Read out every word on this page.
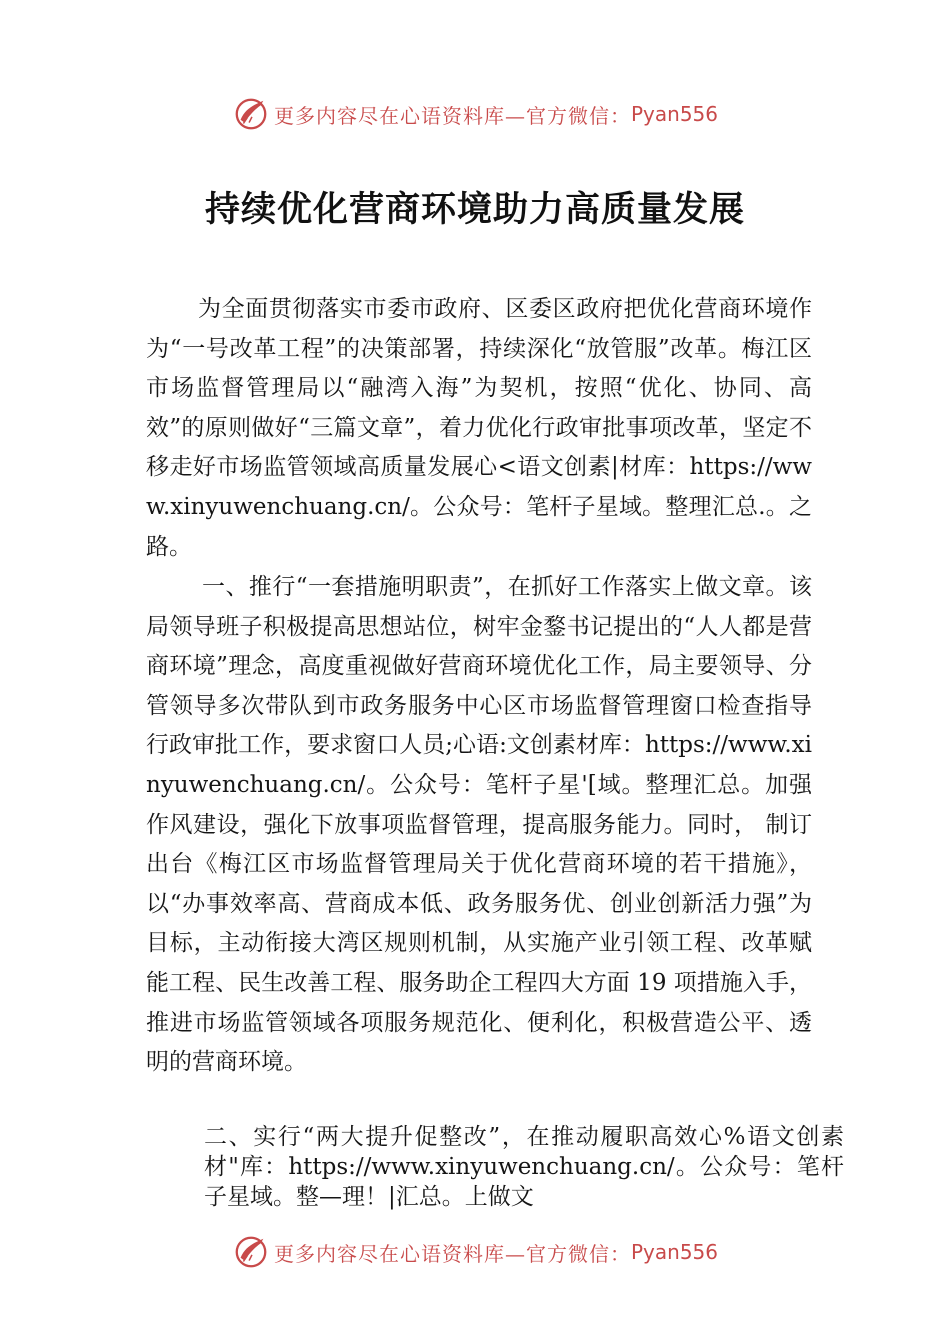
更多内容尽在心语资料库—官方微信： Pyan556
持续优化营商环境助力高质量发展

为全面贯彻落实市委市政府、区委区政府把优化营商环境作为“一号改革工程”的决策部署，持续深化“放管服”改革。梅江区市场监督管理局以“融湾入海”为契机，按照“优化、协同、高效”的原则做好“三篇文章”，着力优化行政审批事项改革，坚定不移走好市场监管领域高质量发展心<语文创素|材库：https://www.xinyuwenchuang.cn/。公众号：笔杆子星域。整理汇总.。之路。

一、推行“一套措施明职责”，在抓好工作落实上做文章。该局领导班子积极提高思想站位，树牢金鍪书记提出的“人人都是营商环境”理念，高度重视做好营商环境优化工作，局主要领导、分管领导多次带队到市政务服务中心区市场监督管理窗口检查指导行政审批工作，要求窗口人员;心语:文创素材库：https://www.xinyuwenchuang.cn/。公众号：笔杆子星'[域。整理汇总。加强作风建设，强化下放事项监督管理，提高服务能力。同时， 制订出台《梅江区市场监督管理局关于优化营商环境的若干措施》，以“办事效率高、营商成本低、政务服务优、创业创新活力强”为目标，主动衔接大湾区规则机制，从实施产业引领工程、改革赋能工程、民生改善工程、服务助企工程四大方面 19 项措施入手，推进市场监管领域各项服务规范化、便利化，积极营造公平、透明的营商环境。

二、实行“两大提升促整改”，在推动履职高效心%语文创素材"库：https://www.xinyuwenchuang.cn/。公众号：笔杆子星域。整—理！|汇总。上做文

更多内容尽在心语资料库—官方微信： Pyan556
